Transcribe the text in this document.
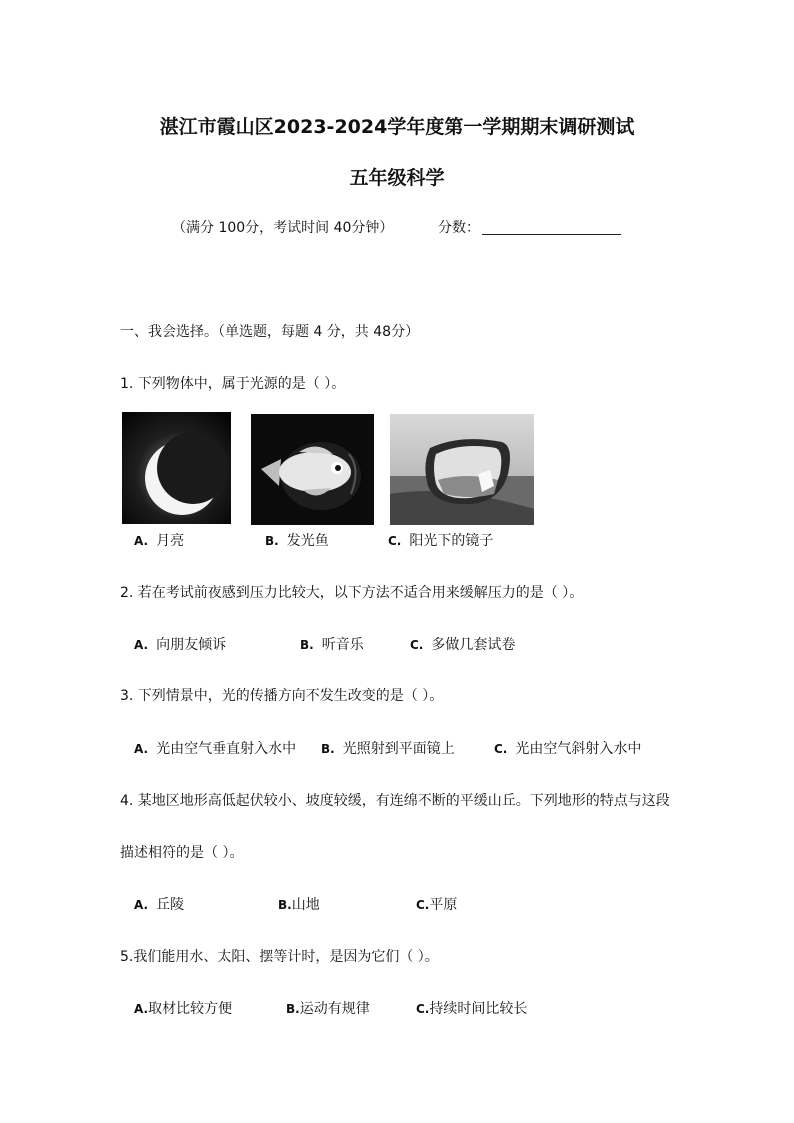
湛江市霞山区2023-2024学年度第一学期期末调研测试
五年级科学
（满分 100分，考试时间 40分钟）	分数：
一、我会选择。（单选题，每题 4 分，共 48分）
1. 下列物体中，属于光源的是（ ）。
A. 月亮	B. 发光鱼	C. 阳光下的镜子
2. 若在考试前夜感到压力比较大，以下方法不适合用来缓解压力的是（ ）。
A. 向朋友倾诉	B. 听音乐	C. 多做几套试卷
3. 下列情景中，光的传播方向不发生改变的是（ ）。
A. 光由空气垂直射入水中 B. 光照射到平面镜上	C. 光由空气斜射入水中
4. 某地区地形高低起伏较小、坡度较缓，有连绵不断的平缓山丘。下列地形的特点与这段
描述相符的是（ ）。
A. 丘陵	B.山地	C.平原
5.我们能用水、太阳、摆等计时，是因为它们（ ）。
A.取材比较方便	B.运动有规律	C.持续时间比较长
